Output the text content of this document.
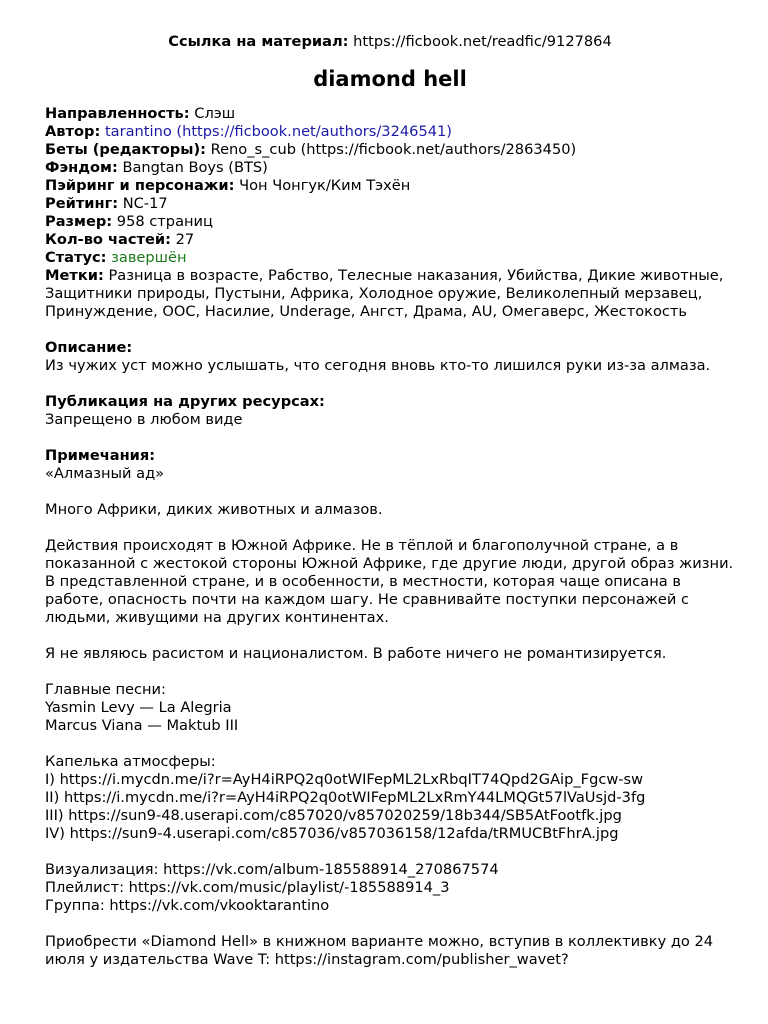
Ссылка на материал: https://ficbook.net/readfic/9127864
diamond hell

Направленность: Слэш

Автор: tarantino (https://ficbook.net/authors/3246541)

Беты (редакторы): Reno_s_cub (https://ficbook.net/authors/2863450)

Фэндом: Bangtan Boys (BTS)

Пэйринг и персонажи: Чон Чонгук/Ким Тэхён

Рейтинг: NC-17

Размер: 958 страниц

Кол-во частей: 27

Статус: завершён

Метки: Разница в возрасте, Рабство, Телесные наказания, Убийства, Дикие животные, Защитники природы, Пустыни, Африка, Холодное оружие, Великолепный мерзавец, Принуждение, ООС, Насилие, Underage, Ангст, Драма, AU, Омегаверс, Жестокость

Описание:

Из чужих уст можно услышать, что сегодня вновь кто-то лишился руки из-за алмаза.

Публикация на других ресурсах:

Запрещено в любом виде

Примечания:

«Алмазный ад»

Много Африки, диких животных и алмазов.

Действия происходят в Южной Африке. Не в тёплой и благополучной стране, а в показанной с жестокой стороны Южной Африке, где другие люди, другой образ жизни. В представленной стране, и в особенности, в местности, которая чаще описана в работе, опасность почти на каждом шагу. Не сравнивайте поступки персонажей с людьми, живущими на других континентах.

Я не являюсь расистом и националистом. В работе ничего не романтизируется.

Главные песни:

Yasmin Levy — La Alegria

Marcus Viana — Maktub III

Капелька атмосферы:

I) https://i.mycdn.me/i?r=AyH4iRPQ2q0otWIFepML2LxRbqIT74Qpd2GAip_Fgcw-sw

II) https://i.mycdn.me/i?r=AyH4iRPQ2q0otWIFepML2LxRmY44LMQGt57lVaUsjd-3fg

III) https://sun9-48.userapi.com/c857020/v857020259/18b344/SB5AtFootfk.jpg

IV) https://sun9-4.userapi.com/c857036/v857036158/12afda/tRMUCBtFhrA.jpg

Визуализация: https://vk.com/album-185588914_270867574

Плейлист: https://vk.com/music/playlist/-185588914_3

Группа: https://vk.com/vkooktarantino

Приобрести «Diamond Hell» в книжном варианте можно, вступив в коллективку до 24 июля у издательства Wave T: https://instagram.com/publisher_wavet?
